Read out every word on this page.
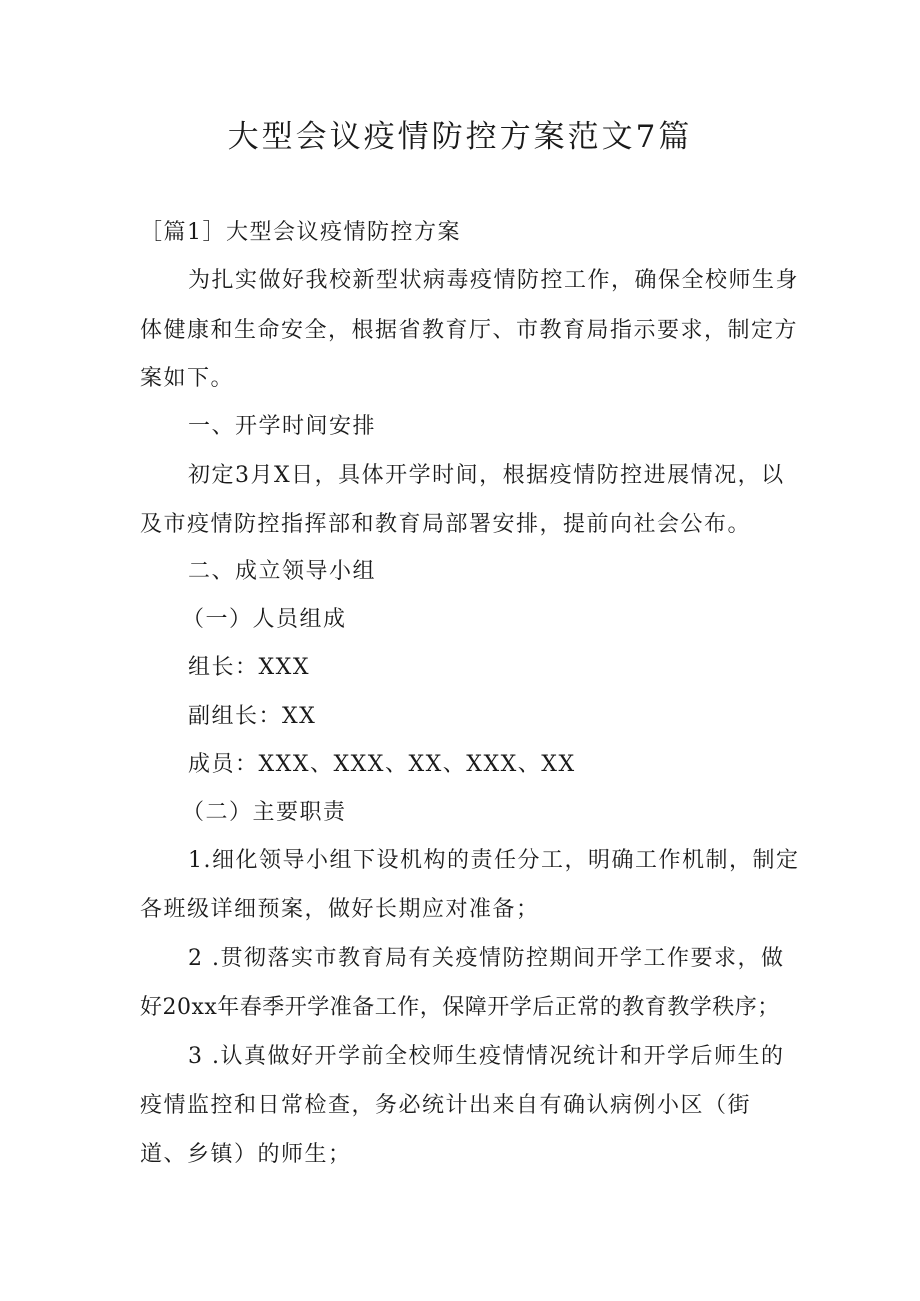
大型会议疫情防控方案范文7篇
［篇1］大型会议疫情防控方案
为扎实做好我校新型状病毒疫情防控工作，确保全校师生身
体健康和生命安全，根据省教育厅、市教育局指示要求，制定方
案如下。
一、开学时间安排
初定3月X日，具体开学时间，根据疫情防控进展情况，以
及市疫情防控指挥部和教育局部署安排，提前向社会公布。
二、成立领导小组
（一）人员组成
组长：XXX
副组长：XX
成员：XXX、XXX、XX、XXX、XX
（二）主要职责
1.细化领导小组下设机构的责任分工，明确工作机制，制定
各班级详细预案，做好长期应对准备；
2 .贯彻落实市教育局有关疫情防控期间开学工作要求，做
好20xx年春季开学准备工作，保障开学后正常的教育教学秩序；
3 .认真做好开学前全校师生疫情情况统计和开学后师生的
疫情监控和日常检查，务必统计出来自有确认病例小区（街
道、乡镇）的师生；
